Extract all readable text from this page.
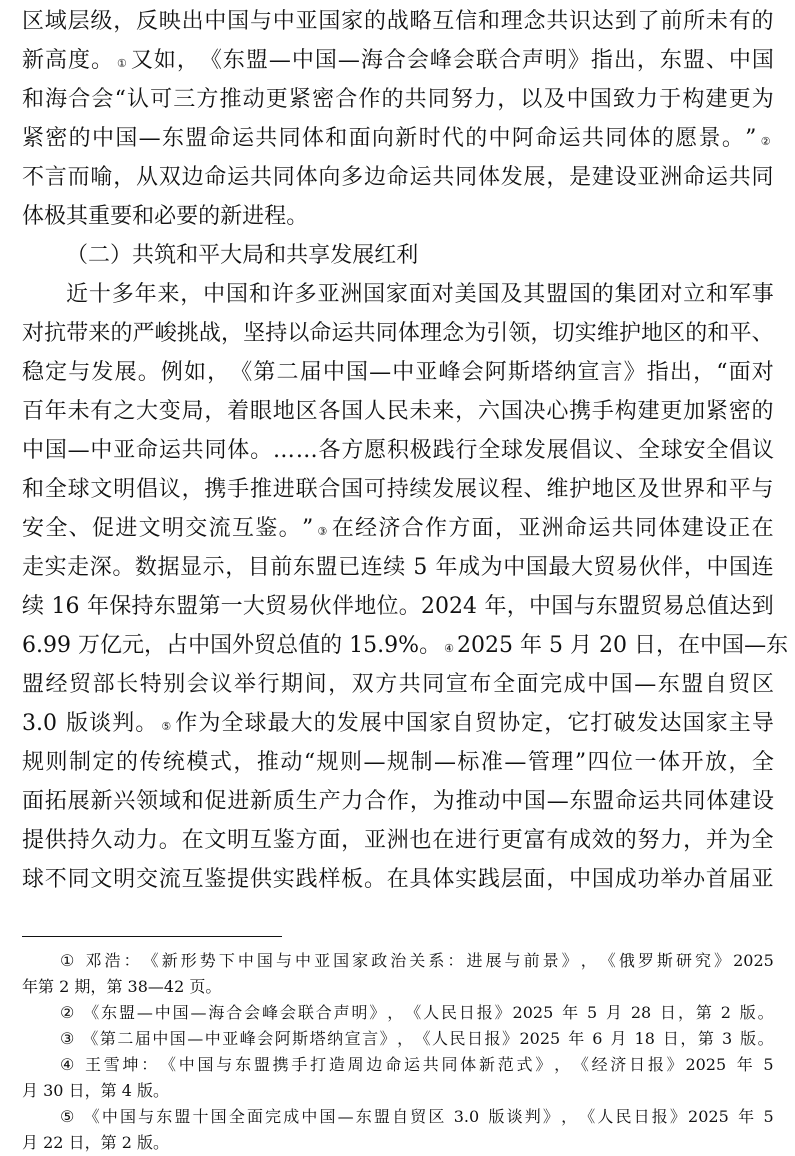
区 域 层 级 ， 反 映 出 中 国 与 中 亚 国 家 的 战 略 互 信 和 理 念 共 识 达 到 了 前 所 未 有 的
新 高 度 。 ① 又 如 ， 《 东 盟 — 中 国 — 海 合 会 峰 会 联 合 声 明 》 指 出 ， 东 盟 、 中 国
和 海 合 会 “ 认 可 三 方 推 动 更 紧 密 合 作 的 共 同 努 力 ， 以 及 中 国 致 力 于 构 建 更 为
紧 密 的 中 国 — 东 盟 命 运 共 同 体 和 面 向 新 时 代 的 中 阿 命 运 共 同 体 的 愿 景 。 ” ②
不 言 而 喻 ， 从 双 边 命 运 共 同 体 向 多 边 命 运 共 同 体 发 展 ， 是 建 设 亚 洲 命 运 共 同
体 极 其 重 要 和 必 要 的 新 进 程 。
（ 二 ） 共 筑 和 平 大 局 和 共 享 发 展 红 利
近 十 多 年 来 ， 中 国 和 许 多 亚 洲 国 家 面 对 美 国 及 其 盟 国 的 集 团 对 立 和 军 事
对 抗 带 来 的 严 峻 挑 战 ， 坚 持 以 命 运 共 同 体 理 念 为 引 领 ， 切 实 维 护 地 区 的 和 平 、
稳 定 与 发 展 。 例 如 ， 《 第 二 届 中 国 — 中 亚 峰 会 阿 斯 塔 纳 宣 言 》 指 出 ， “ 面 对
百 年 未 有 之 大 变 局 ， 着 眼 地 区 各 国 人 民 未 来 ， 六 国 决 心 携 手 构 建 更 加 紧 密 的
中 国 — 中 亚 命 运 共 同 体 。 … … 各 方 愿 积 极 践 行 全 球 发 展 倡 议 、 全 球 安 全 倡 议
和 全 球 文 明 倡 议 ， 携 手 推 进 联 合 国 可 持 续 发 展 议 程 、 维 护 地 区 及 世 界 和 平 与
安 全 、 促 进 文 明 交 流 互 鉴 。 ” ③ 在 经 济 合 作 方 面 ， 亚 洲 命 运 共 同 体 建 设 正 在
走 实 走 深 。 数 据 显 示 ， 目 前 东 盟 已 连 续
5
年 成 为 中 国 最 大 贸 易 伙 伴 ， 中 国 连
续
16
年 保 持 东 盟 第 一 大 贸 易 伙 伴 地 位 。 2024
年 ， 中 国 与 东 盟 贸 易 总 值 达 到
6.99
万 亿 元 ， 占 中 国 外 贸 总 值 的
15.9% 。 ④ 2025
年
5
月
20
日 ， 在 中 国 — 东
盟 经 贸 部 长 特 别 会 议 举 行 期 间 ， 双 方 共 同 宣 布 全 面 完 成 中 国 — 东 盟 自 贸 区
3.0
版 谈 判 。 ⑤ 作 为 全 球 最 大 的 发 展 中 国 家 自 贸 协 定 ， 它 打 破 发 达 国 家 主 导
规 则 制 定 的 传 统 模 式 ， 推 动 “ 规 则 — 规 制 — 标 准 — 管 理 ” 四 位 一 体 开 放 ， 全
面 拓 展 新 兴 领 域 和 促 进 新 质 生 产 力 合 作 ， 为 推 动 中 国 — 东 盟 命 运 共 同 体 建 设
提 供 持 久 动 力 。 在 文 明 互 鉴 方 面 ， 亚 洲 也 在 进 行 更 富 有 成 效 的 努 力 ， 并 为 全
球 不 同 文 明 交 流 互 鉴 提 供 实 践 样 板 。 在 具 体 实 践 层 面 ， 中 国 成 功 举 办 首 届 亚
①
邓 浩 ： 《 新 形 势 下 中 国 与 中 亚 国 家 政 治 关 系 ： 进 展 与 前 景 》 ， 《 俄 罗 斯 研 究 》 2025
年 第
2
期 ， 第
38 — 42
页 。
②
《 东 盟 — 中 国 — 海 合 会 峰 会 联 合 声 明 》 ， 《 人 民 日 报 》 2025
年
5
月
28
日 ， 第
2
版 。
③
《 第 二 届 中 国 — 中 亚 峰 会 阿 斯 塔 纳 宣 言 》 ， 《 人 民 日 报 》 2025
年
6
月
18
日 ， 第
3
版 。
④
王 雪 坤 ： 《 中 国 与 东 盟 携 手 打 造 周 边 命 运 共 同 体 新 范 式 》 ， 《 经 济 日 报 》 2025
年
5
月
30
日 ， 第
4
版 。
⑤
《 中 国 与 东 盟 十 国 全 面 完 成 中 国 — 东 盟 自 贸 区
3.0
版 谈 判 》 ， 《 人 民 日 报 》 2025
年
5
月
22
日 ， 第
2
版 。
